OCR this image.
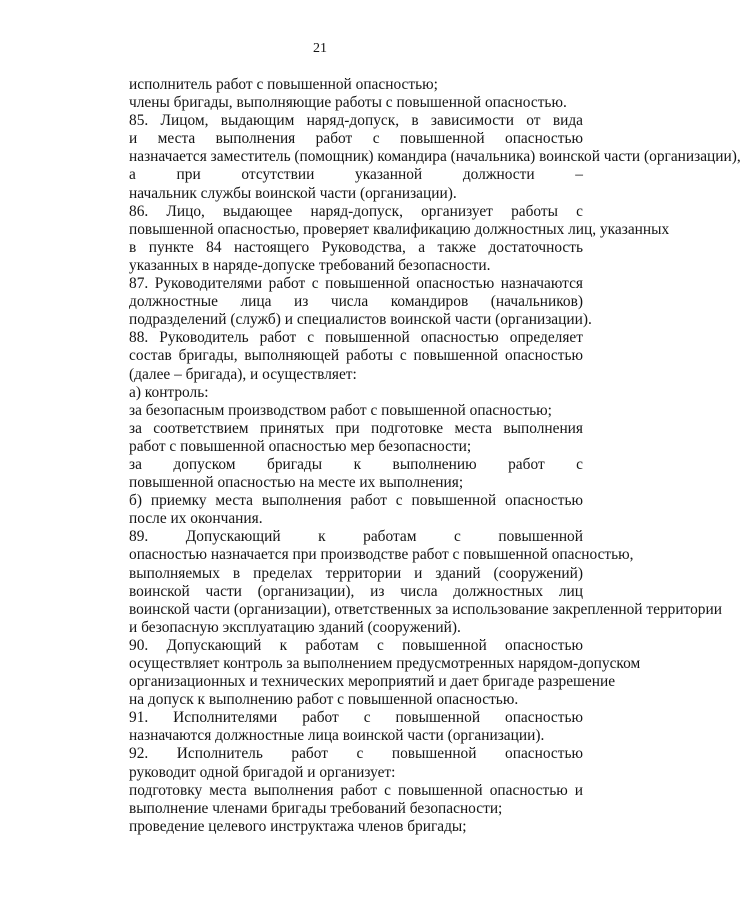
21

исполнитель работ с повышенной опасностью;

члены бригады, выполняющие работы с повышенной опасностью.

85. Лицом, выдающим наряд-допуск, в зависимости от вида
и места выполнения работ с повышенной опасностью
назначается заместитель (помощник) командира (начальника) воинской части (организации),
а при отсутствии указанной должности –
начальник службы воинской части (организации).

86. Лицо, выдающее наряд-допуск, организует работы с
повышенной опасностью, проверяет квалификацию должностных лиц, указанных
в пункте 84 настоящего Руководства, а также достаточность
указанных в наряде-допуске требований безопасности.

87. Руководителями работ с повышенной опасностью назначаются
должностные лица из числа командиров (начальников)
подразделений (служб) и специалистов воинской части (организации).

88. Руководитель работ с повышенной опасностью определяет
состав бригады, выполняющей работы с повышенной опасностью
(далее – бригада), и осуществляет:

а) контроль:

за безопасным производством работ с повышенной опасностью;

за соответствием принятых при подготовке места выполнения
работ с повышенной опасностью мер безопасности;

за допуском бригады к выполнению работ с
повышенной опасностью на месте их выполнения;

б) приемку места выполнения работ с повышенной опасностью
после их окончания.

89. Допускающий к работам с повышенной
опасностью назначается при производстве работ с повышенной опасностью,
выполняемых в пределах территории и зданий (сооружений)
воинской части (организации), из числа должностных лиц
воинской части (организации), ответственных за использование закрепленной территории
и безопасную эксплуатацию зданий (сооружений).

90. Допускающий к работам с повышенной опасностью
осуществляет контроль за выполнением предусмотренных нарядом-допуском
организационных и технических мероприятий и дает бригаде разрешение
на допуск к выполнению работ с повышенной опасностью.

91. Исполнителями работ с повышенной опасностью
назначаются должностные лица воинской части (организации).

92. Исполнитель работ с повышенной опасностью
руководит одной бригадой и организует:

подготовку места выполнения работ с повышенной опасностью и
выполнение членами бригады требований безопасности;

проведение целевого инструктажа членов бригады;
